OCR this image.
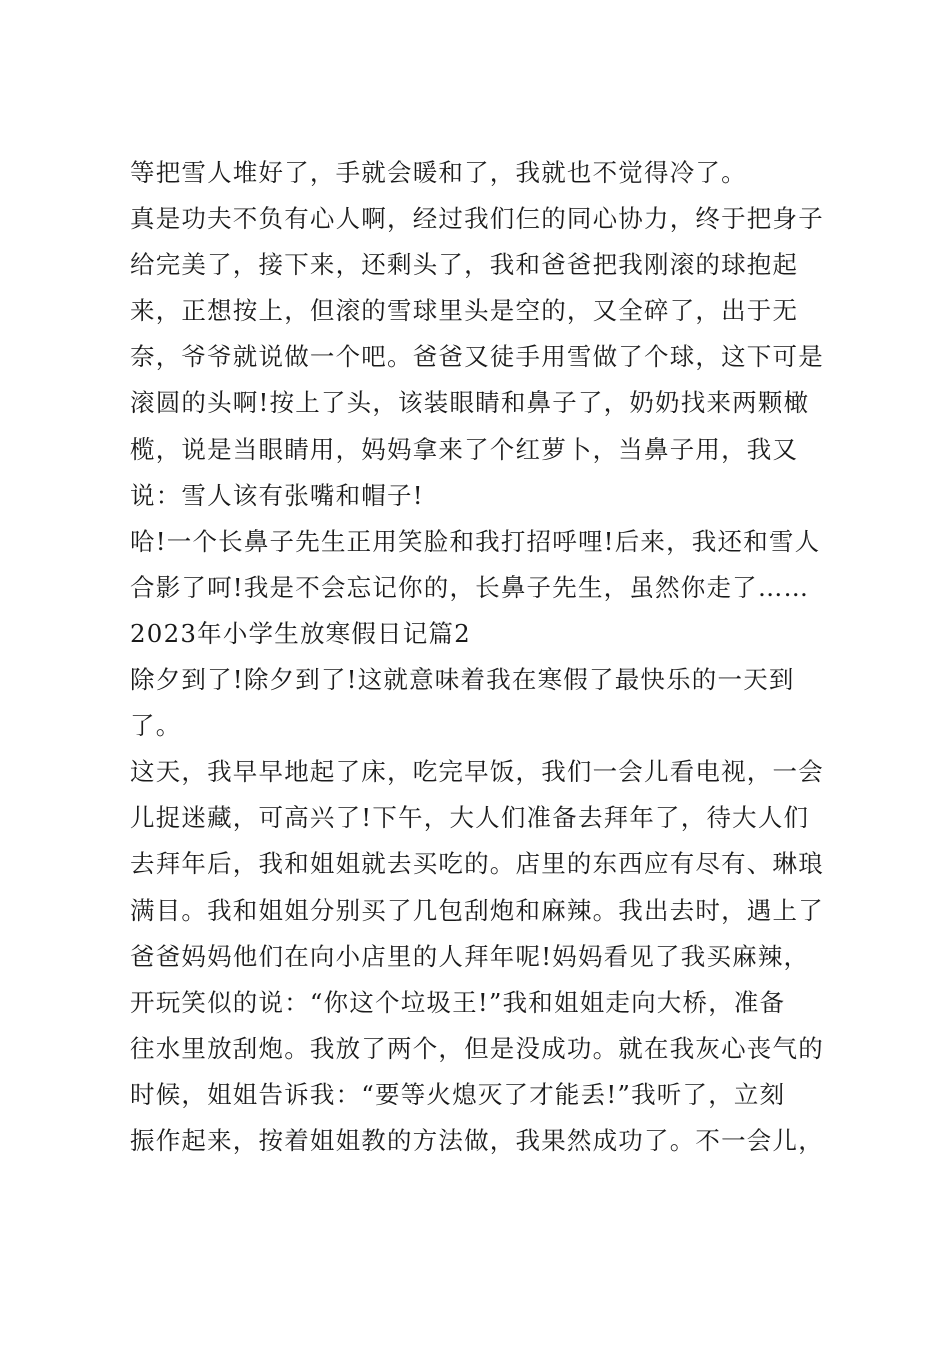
等把雪人堆好了，手就会暖和了，我就也不觉得冷了。
真是功夫不负有心人啊，经过我们仨的同心协力，终于把身子
给完美了，接下来，还剩头了，我和爸爸把我刚滚的球抱起
来，正想按上，但滚的雪球里头是空的，又全碎了，出于无
奈，爷爷就说做一个吧。爸爸又徒手用雪做了个球，这下可是
滚圆的头啊!按上了头，该装眼睛和鼻子了，奶奶找来两颗橄
榄，说是当眼睛用，妈妈拿来了个红萝卜，当鼻子用，我又
说：雪人该有张嘴和帽子!
哈!一个长鼻子先生正用笑脸和我打招呼哩!后来，我还和雪人
合影了呵!我是不会忘记你的，长鼻子先生，虽然你走了……
2023年小学生放寒假日记篇2
除夕到了!除夕到了!这就意味着我在寒假了最快乐的一天到
了。
这天，我早早地起了床，吃完早饭，我们一会儿看电视，一会
儿捉迷藏，可高兴了!下午，大人们准备去拜年了，待大人们
去拜年后，我和姐姐就去买吃的。店里的东西应有尽有、琳琅
满目。我和姐姐分别买了几包刮炮和麻辣。我出去时，遇上了
爸爸妈妈他们在向小店里的人拜年呢!妈妈看见了我买麻辣，
开玩笑似的说：“你这个垃圾王!”我和姐姐走向大桥，准备
往水里放刮炮。我放了两个，但是没成功。就在我灰心丧气的
时候，姐姐告诉我：“要等火熄灭了才能丢!”我听了，立刻
振作起来，按着姐姐教的方法做，我果然成功了。不一会儿，
